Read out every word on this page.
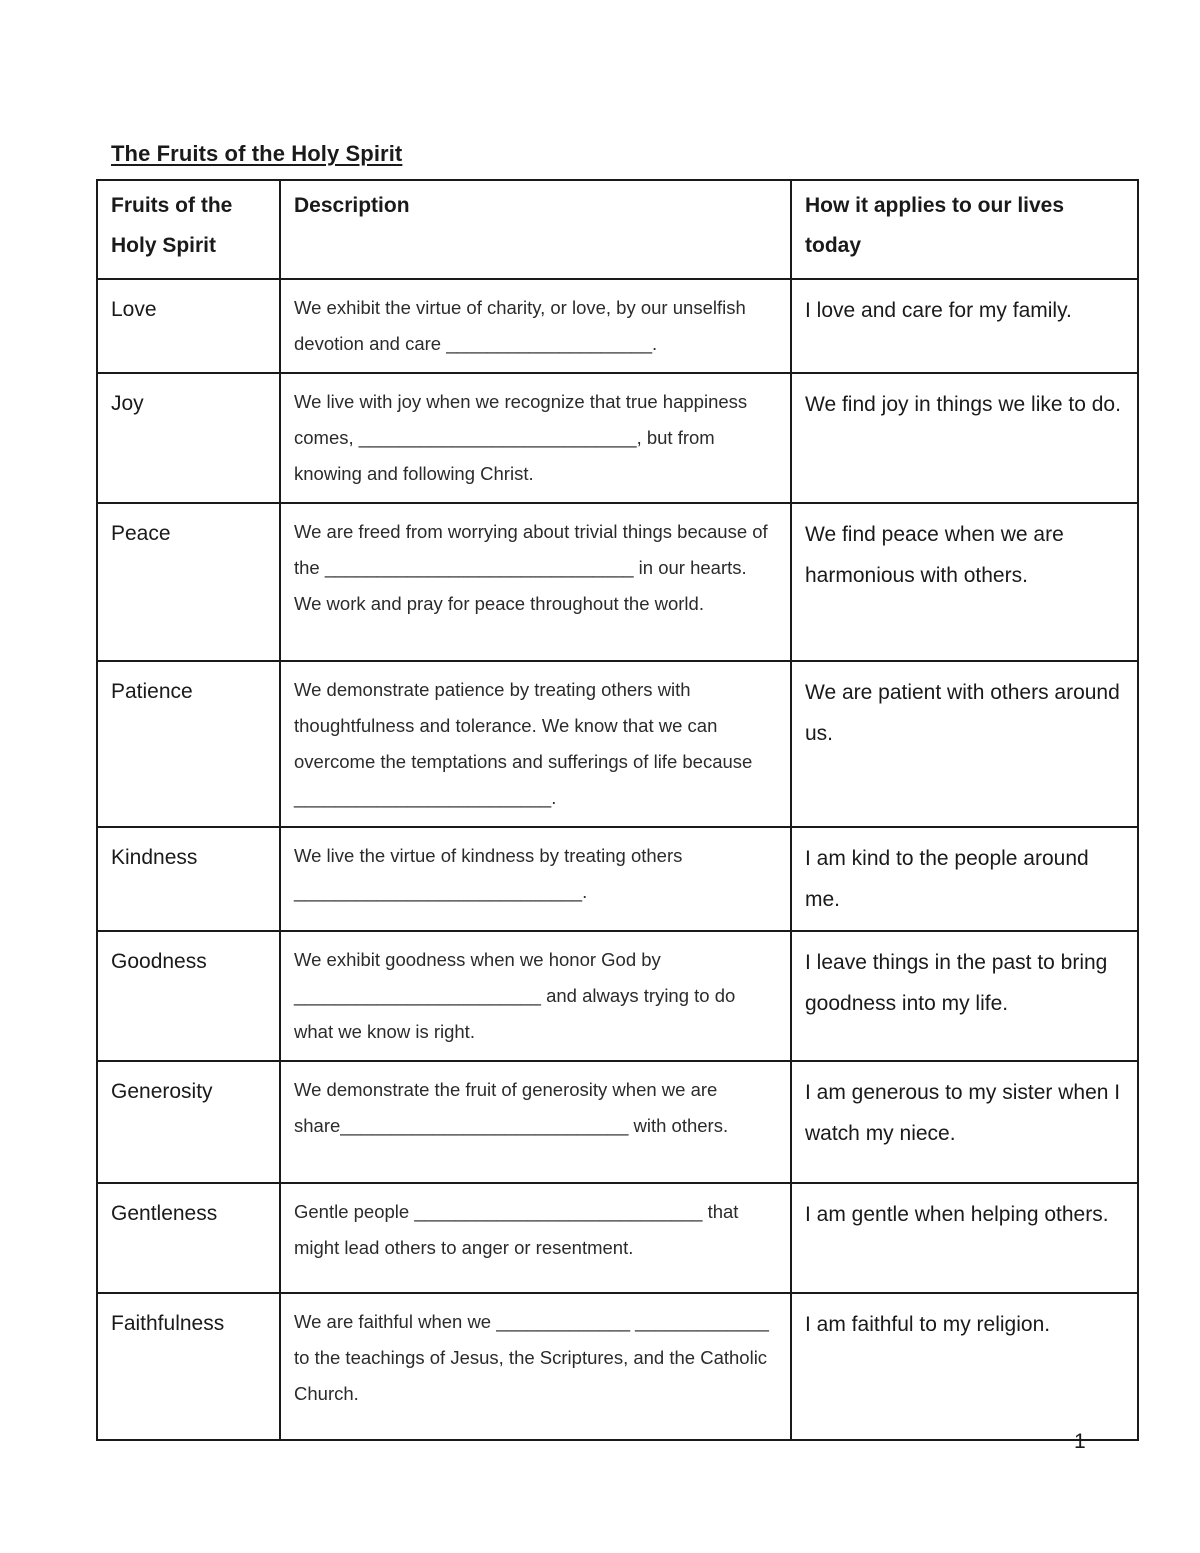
The Fruits of the Holy Spirit
Fruits of the Holy Spirit	Description	How it applies to our lives today
Love	We exhibit the virtue of charity, or love, by our unselfish devotion and care ____________________.	I love and care for my family.
Joy	We live with joy when we recognize that true happiness comes, ___________________________, but from knowing and following Christ.	We find joy in things we like to do.
Peace	We are freed from worrying about trivial things because of the ______________________________ in our hearts. We work and pray for peace throughout the world.	We find peace when we are harmonious with others.
Patience	We demonstrate patience by treating others with thoughtfulness and tolerance. We know that we can overcome the temptations and sufferings of life because _________________________.	We are patient with others around us.
Kindness	We live the virtue of kindness by treating others ____________________________.	I am kind to the people around me.
Goodness	We exhibit goodness when we honor God by ________________________ and always trying to do what we know is right.	I leave things in the past to bring goodness into my life.
Generosity	We demonstrate the fruit of generosity when we are share____________________________ with others.	I am generous to my sister when I watch my niece.
Gentleness	Gentle people ____________________________ that might lead others to anger or resentment.	I am gentle when helping others.
Faithfulness	We are faithful when we _____________ _____________ to the teachings of Jesus, the Scriptures, and the Catholic Church.	I am faithful to my religion.
1
